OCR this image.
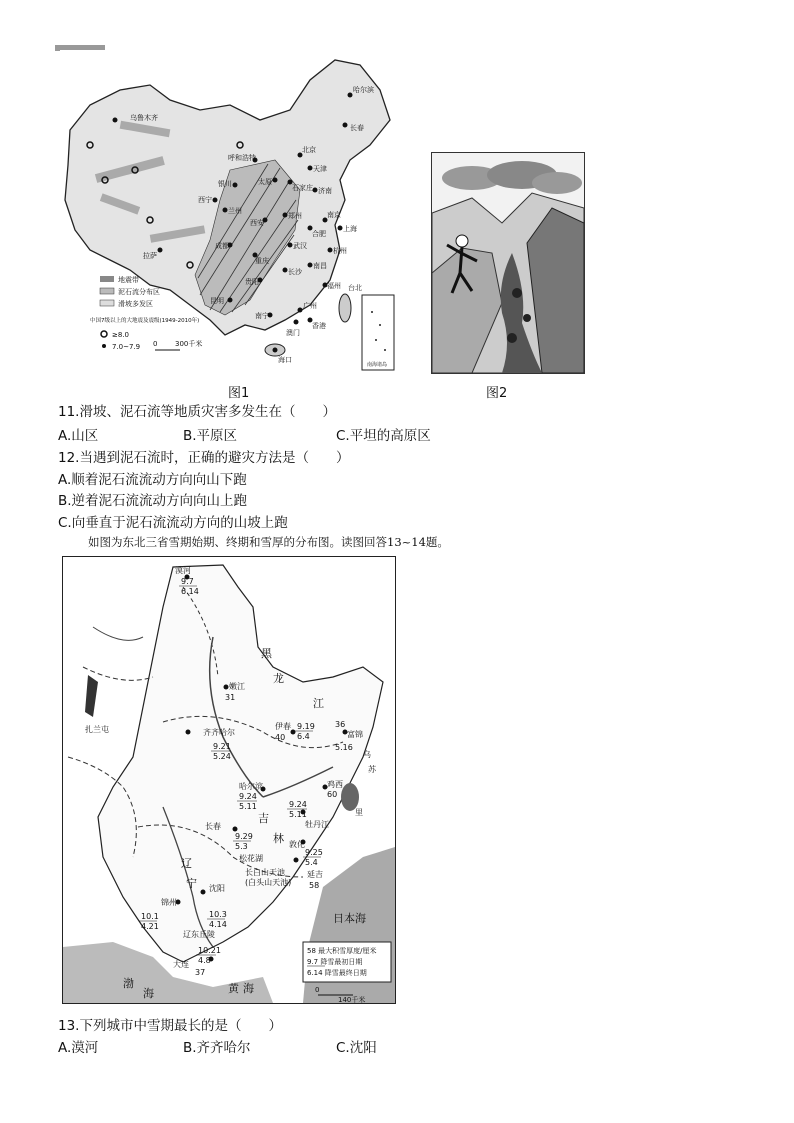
乌鲁木齐
哈尔滨
长春
呼和浩特
北京
天津
银川	太原
石家庄 济南
西宁
兰州
西安
郑州	南京
上海
合肥
武汉
拉萨
成都
重庆
杭州
长沙
南昌
贵阳
昆明
福州 台北
广州
南宁
香港
澳门
海口
地震带
泥石流分布区
滑坡多发区
中国7级以上的大地震及震级(1949-2010年)
≥8.0
7.0~7.9 0	300千米
南海诸岛
图1	图2
11.滑坡、泥石流等地质灾害多发生在（　　）
A.山区	B.平原区	C.平坦的高原区
12.当遇到泥石流时，正确的避灾方法是（　　）
A.顺着泥石流流动方向向山下跑
B.逆着泥石流流动方向向山上跑
C.向垂直于泥石流流动方向的山坡上跑
如图为东北三省雪期始期、终期和雪厚的分布图。读图回答13~14题。
漠河
9.7
6.14
嫩江
31
齐齐哈尔
9.21
5.24
伊春
40
9.19
6.4	富锦
36
5.16
哈尔滨
9.24
5.11
鸡西
60
9.24
5.11
牡丹江
长春
9.29
5.3
9.25
5.4
敦化
延吉
58
沈阳
10.3
4.14
锦州
10.1
4.21
大连
10.21
4.8
37
黑
龙
江
吉
林
辽
宁
乌
苏
里
扎兰屯
松花湖
长白山天池
(白头山天池)
辽东丘陵
日本海
渤
海	黄 海
58 最大积雪厚度/厘米
9.7 降雪最初日期
6.14 降雪最终日期
0
140千米
13.下列城市中雪期最长的是（　　）
A.漠河	B.齐齐哈尔	C.沈阳
